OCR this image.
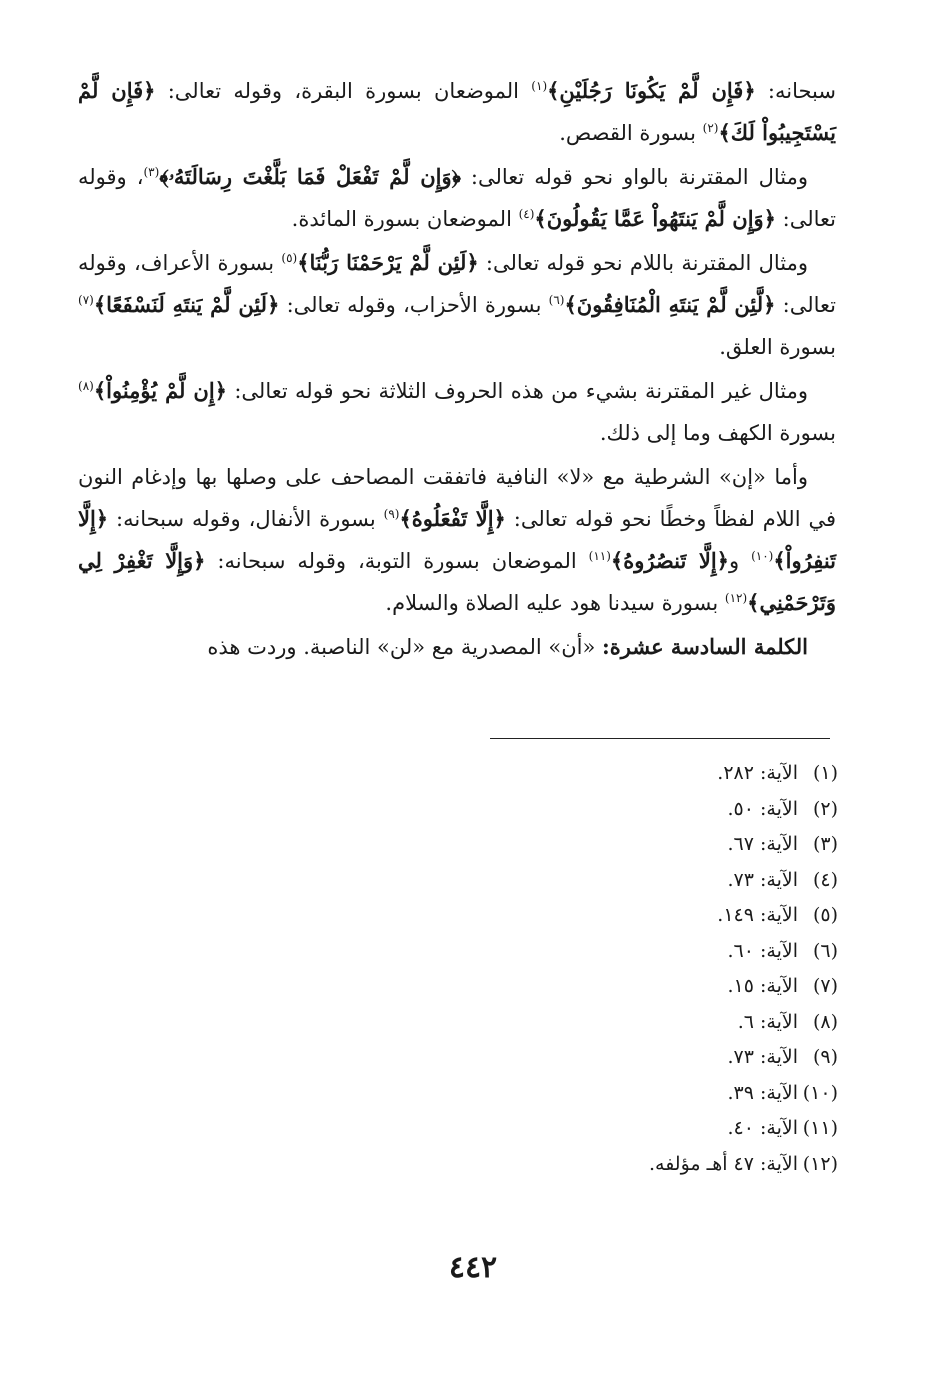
سبحانه: ﴿فَإِن لَّمْ يَكُونَا رَجُلَيْنِ﴾$^{(١)}$ الموضعان بسورة البقرة، وقوله تعالى: ﴿فَإِن لَّمْ يَسْتَجِيبُواْ لَكَ﴾$^{(٢)}$ بسورة القصص.

ومثال المقترنة بالواو نحو قوله تعالى: ﴿وَإِن لَّمْ تَفْعَلْ فَمَا بَلَّغْتَ رِسَالَتَهُۥ﴾$^{(٣)}$، وقوله تعالى: ﴿وَإِن لَّمْ يَنتَهُواْ عَمَّا يَقُولُونَ﴾$^{(٤)}$ الموضعان بسورة المائدة.

ومثال المقترنة باللام نحو قوله تعالى: ﴿لَئِن لَّمْ يَرْحَمْنَا رَبُّنَا﴾$^{(٥)}$ بسورة الأعراف، وقوله تعالى: ﴿لَّئِن لَّمْ يَنتَهِ الْمُنَافِقُونَ﴾$^{(٦)}$ بسورة الأحزاب، وقوله تعالى: ﴿لَئِن لَّمْ يَنتَهِ لَنَسْفَعًا﴾$^{(٧)}$ بسورة العلق.

ومثال غير المقترنة بشيء من هذه الحروف الثلاثة نحو قوله تعالى: ﴿إِن لَّمْ يُؤْمِنُواْ﴾$^{(٨)}$ بسورة الكهف وما إلى ذلك.

وأما «إن» الشرطية مع «لا» النافية فاتفقت المصاحف على وصلها بها وإدغام النون في اللام لفظاً وخطًا نحو قوله تعالى: ﴿إِلَّا تَفْعَلُوهُ﴾$^{(٩)}$ بسورة الأنفال، وقوله سبحانه: ﴿إِلَّا تَنفِرُواْ﴾$^{(١٠)}$ و﴿إِلَّا تَنصُرُوهُ﴾$^{(١١)}$ الموضعان بسورة التوبة، وقوله سبحانه: ﴿وَإِلَّا تَغْفِرْ لِي وَتَرْحَمْنِي﴾$^{(١٢)}$ بسورة سيدنا هود عليه الصلاة والسلام.

الكلمة السادسة عشرة: «أن» المصدرية مع «لن» الناصبة. وردت هذه

(١)الآية: ٢٨٢.
(٢)الآية: ٥٠.
(٣)الآية: ٦٧.
(٤)الآية: ٧٣.
(٥)الآية: ١٤٩.
(٦)الآية: ٦٠.
(٧)الآية: ١٥.
(٨)الآية: ٦.
(٩)الآية: ٧٣.
(١٠)الآية: ٣٩.
(١١)الآية: ٤٠.
(١٢)الآية: ٤٧ أهـ مؤلفه.
٤٤٢
